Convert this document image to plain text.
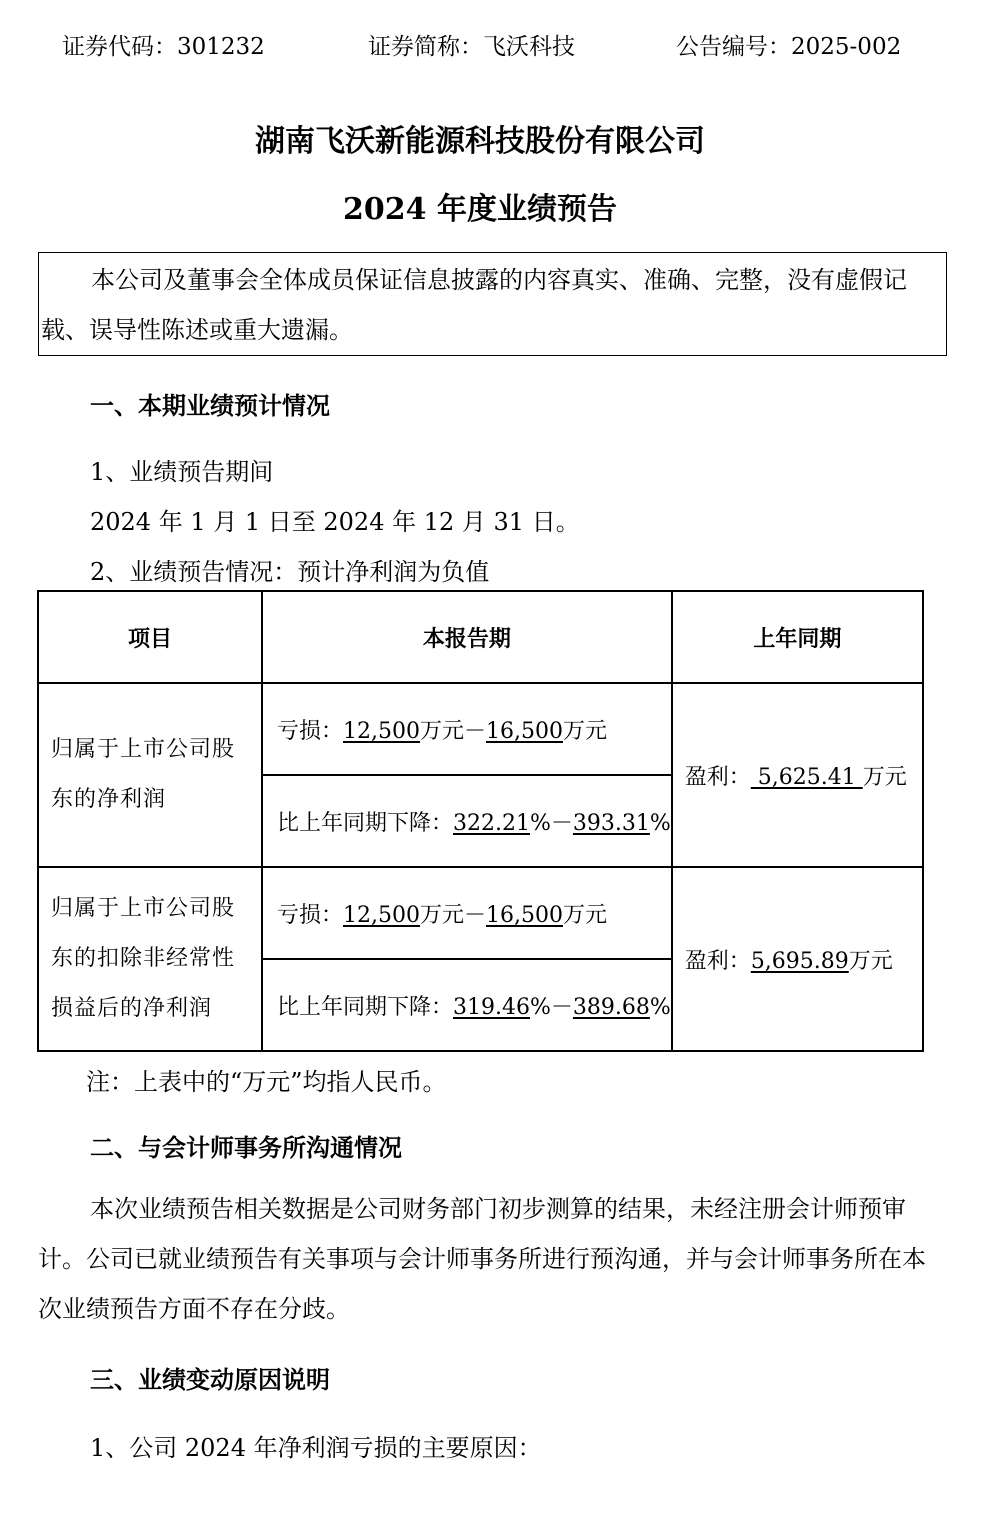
证券代码：301232	证券简称：飞沃科技	公告编号：2025-002
湖南飞沃新能源科技股份有限公司
2024 年度业绩预告

本公司及董事会全体成员保证信息披露的内容真实、准确、完整，没有虚假记载、误导性陈述或重大遗漏。

一、本期业绩预计情况
1、业绩预告期间
2024 年 1 月 1 日至 2024 年 12 月 31 日。
2、业绩预告情况：预计净利润为负值
项目	本报告期	上年同期
归属于上市公司股东的净利润	亏损：12,500万元－16,500万元	盈利： 5,625.41 万元
	比上年同期下降：322.21%－393.31%	
归属于上市公司股东的扣除非经常性损益后的净利润	亏损：12,500万元－16,500万元	盈利：5,695.89万元
	比上年同期下降：319.46%－389.68%	
注：上表中的“万元”均指人民币。
二、与会计师事务所沟通情况

本次业绩预告相关数据是公司财务部门初步测算的结果，未经注册会计师预审计。公司已就业绩预告有关事项与会计师事务所进行预沟通，并与会计师事务所在本次业绩预告方面不存在分歧。

三、业绩变动原因说明
1、公司 2024 年净利润亏损的主要原因：
